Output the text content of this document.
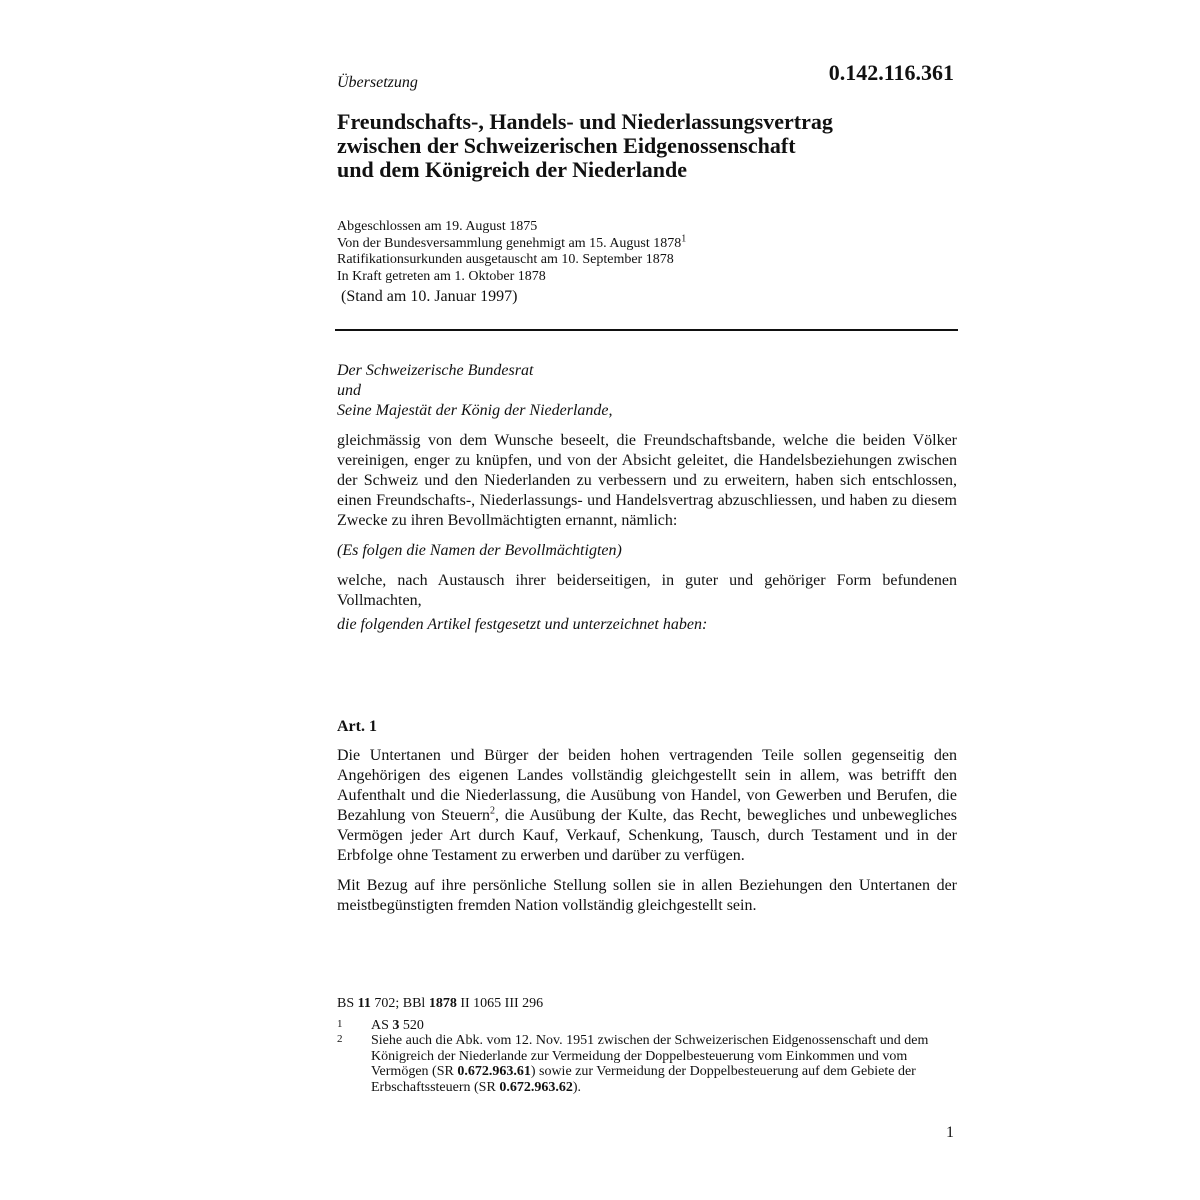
Übersetzung	0.142.116.361
Freundschafts-, Handels- und Niederlassungsvertrag
zwischen der Schweizerischen Eidgenossenschaft
und dem Königreich der Niederlande
Abgeschlossen am 19. August 1875
Von der Bundesversammlung genehmigt am 15. August 1878$^1$
Ratifikationsurkunden ausgetauscht am 10. September 1878
In Kraft getreten am 1. Oktober 1878
(Stand am 10. Januar 1997)
Der Schweizerische Bundesrat
und
Seine Majestät der König der Niederlande,
gleichmässig von dem Wunsche beseelt, die Freundschaftsbande, welche die beiden Völker vereinigen, enger zu knüpfen, und von der Absicht geleitet, die Handelsbeziehungen zwischen der Schweiz und den Niederlanden zu verbessern und zu erweitern, haben sich entschlossen, einen Freundschafts-, Niederlassungs- und Handelsvertrag abzuschliessen, und haben zu diesem Zwecke zu ihren Bevollmächtigten ernannt, nämlich:
(Es folgen die Namen der Bevollmächtigten)
welche, nach Austausch ihrer beiderseitigen, in guter und gehöriger Form befundenen Vollmachten,
die folgenden Artikel festgesetzt und unterzeichnet haben:
Art. 1
Die Untertanen und Bürger der beiden hohen vertragenden Teile sollen gegenseitig den Angehörigen des eigenen Landes vollständig gleichgestellt sein in allem, was betrifft den Aufenthalt und die Niederlassung, die Ausübung von Handel, von Gewerben und Berufen, die Bezahlung von Steuern$^2$, die Ausübung der Kulte, das Recht, bewegliches und unbewegliches Vermögen jeder Art durch Kauf, Verkauf, Schenkung, Tausch, durch Testament und in der Erbfolge ohne Testament zu erwerben und darüber zu verfügen.
Mit Bezug auf ihre persönliche Stellung sollen sie in allen Beziehungen den Untertanen der meistbegünstigten fremden Nation vollständig gleichgestellt sein.
BS 11 702; BBl 1878 II 1065 III 296
1	AS 3 520
2	Siehe auch die Abk. vom 12. Nov. 1951 zwischen der Schweizerischen Eidgenossenschaft und dem Königreich der Niederlande zur Vermeidung der Doppelbesteuerung vom Einkommen und vom Vermögen (SR 0.672.963.61) sowie zur Vermeidung der Doppelbesteuerung auf dem Gebiete der Erbschaftssteuern (SR 0.672.963.62).
1
